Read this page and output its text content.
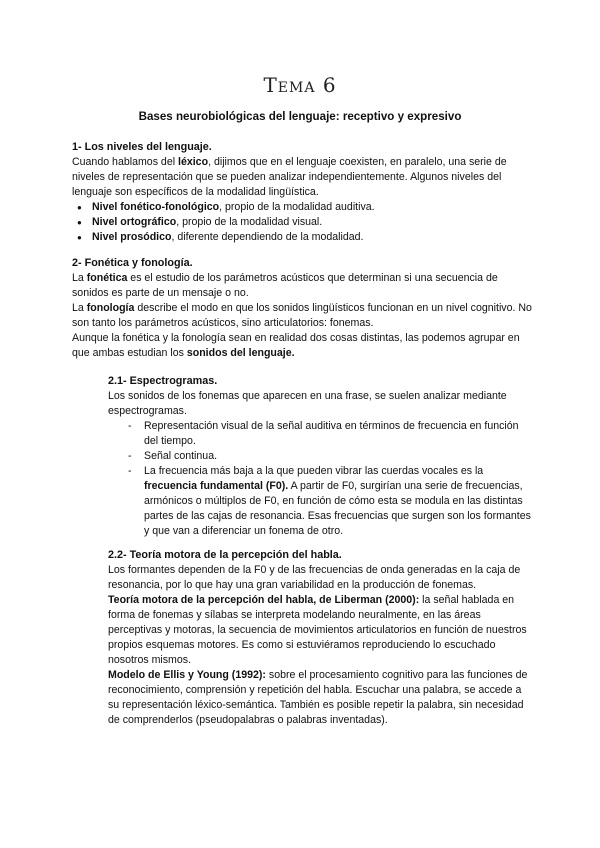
Tema 6
Bases neurobiológicas del lenguaje: receptivo y expresivo
1- Los niveles del lenguaje.

Cuando hablamos del léxico, dijimos que en el lenguaje coexisten, en paralelo, una serie de niveles de representación que se pueden analizar independientemente. Algunos niveles del lenguaje son específicos de la modalidad lingüística.

● Nivel fonético-fonológico, propio de la modalidad auditiva.
● Nivel ortográfico, propio de la modalidad visual.
● Nivel prosódico, diferente dependiendo de la modalidad.
2- Fonética y fonología.

La fonética es el estudio de los parámetros acústicos que determinan si una secuencia de sonidos es parte de un mensaje o no.

La fonología describe el modo en que los sonidos lingüísticos funcionan en un nivel cognitivo. No son tanto los parámetros acústicos, sino articulatorios: fonemas.

Aunque la fonética y la fonología sean en realidad dos cosas distintas, las podemos agrupar en que ambas estudian los sonidos del lenguaje.

2.1- Espectrogramas.

Los sonidos de los fonemas que aparecen en una frase, se suelen analizar mediante espectrogramas.

- Representación visual de la señal auditiva en términos de frecuencia en función del tiempo.
- Señal continua.
- La frecuencia más baja a la que pueden vibrar las cuerdas vocales es la frecuencia fundamental (F0). A partir de F0, surgirían una serie de frecuencias, armónicos o múltiplos de F0, en función de cómo esta se modula en las distintas partes de las cajas de resonancia. Esas frecuencias que surgen son los formantes y que van a diferenciar un fonema de otro.
2.2- Teoría motora de la percepción del habla.

Los formantes dependen de la F0 y de las frecuencias de onda generadas en la caja de resonancia, por lo que hay una gran variabilidad en la producción de fonemas.

Teoría motora de la percepción del habla, de Liberman (2000): la señal hablada en forma de fonemas y sílabas se interpreta modelando neuralmente, en las áreas perceptivas y motoras, la secuencia de movimientos articulatorios en función de nuestros propios esquemas motores. Es como si estuviéramos reproduciendo lo escuchado nosotros mismos.

Modelo de Ellis y Young (1992): sobre el procesamiento cognitivo para las funciones de reconocimiento, comprensión y repetición del habla. Escuchar una palabra, se accede a su representación léxico-semántica. También es posible repetir la palabra, sin necesidad de comprenderlos (pseudopalabras o palabras inventadas).
